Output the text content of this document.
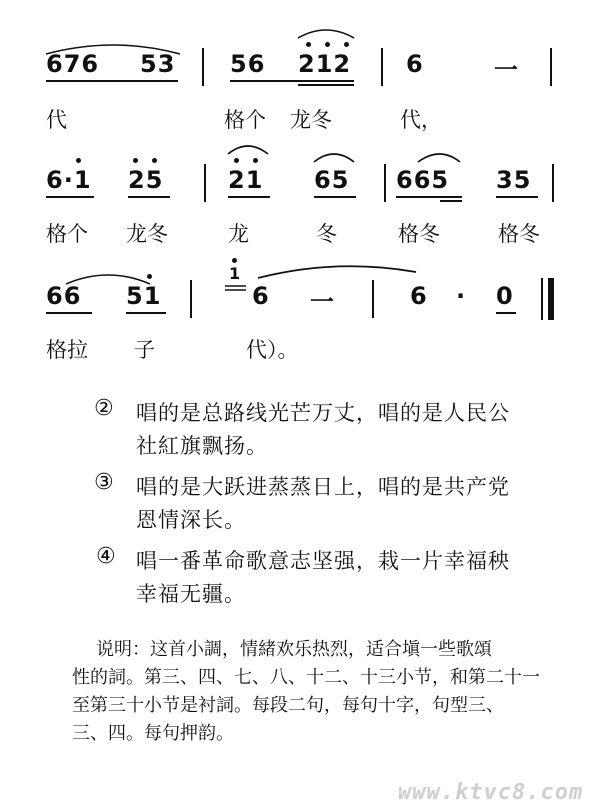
676 53 56 212 6	一
代	格个 龙冬	代，
6·1 25	21 65 665 35
格个 龙冬	龙	冬	格冬	格冬
66 51
1
6 一	6 · 0
格拉 子	代）。
② 唱的是总路线光芒万丈，唱的是人民公
社紅旗飘扬。
③ 唱的是大跃进蒸蒸日上，唱的是共产党
恩情深长。
④ 唱一番革命歌意志坚强，栽一片幸福秧
幸福无疆。
说明：这首小調，情緒欢乐热烈，适合塡一些歌頌
性的詞。第三、四、七、八、十二、十三小节，和第二十一
至第三十小节是衬詞。每段二句，每句十字，句型三、
三、四。每句押韵。
www.ktvc8.com
